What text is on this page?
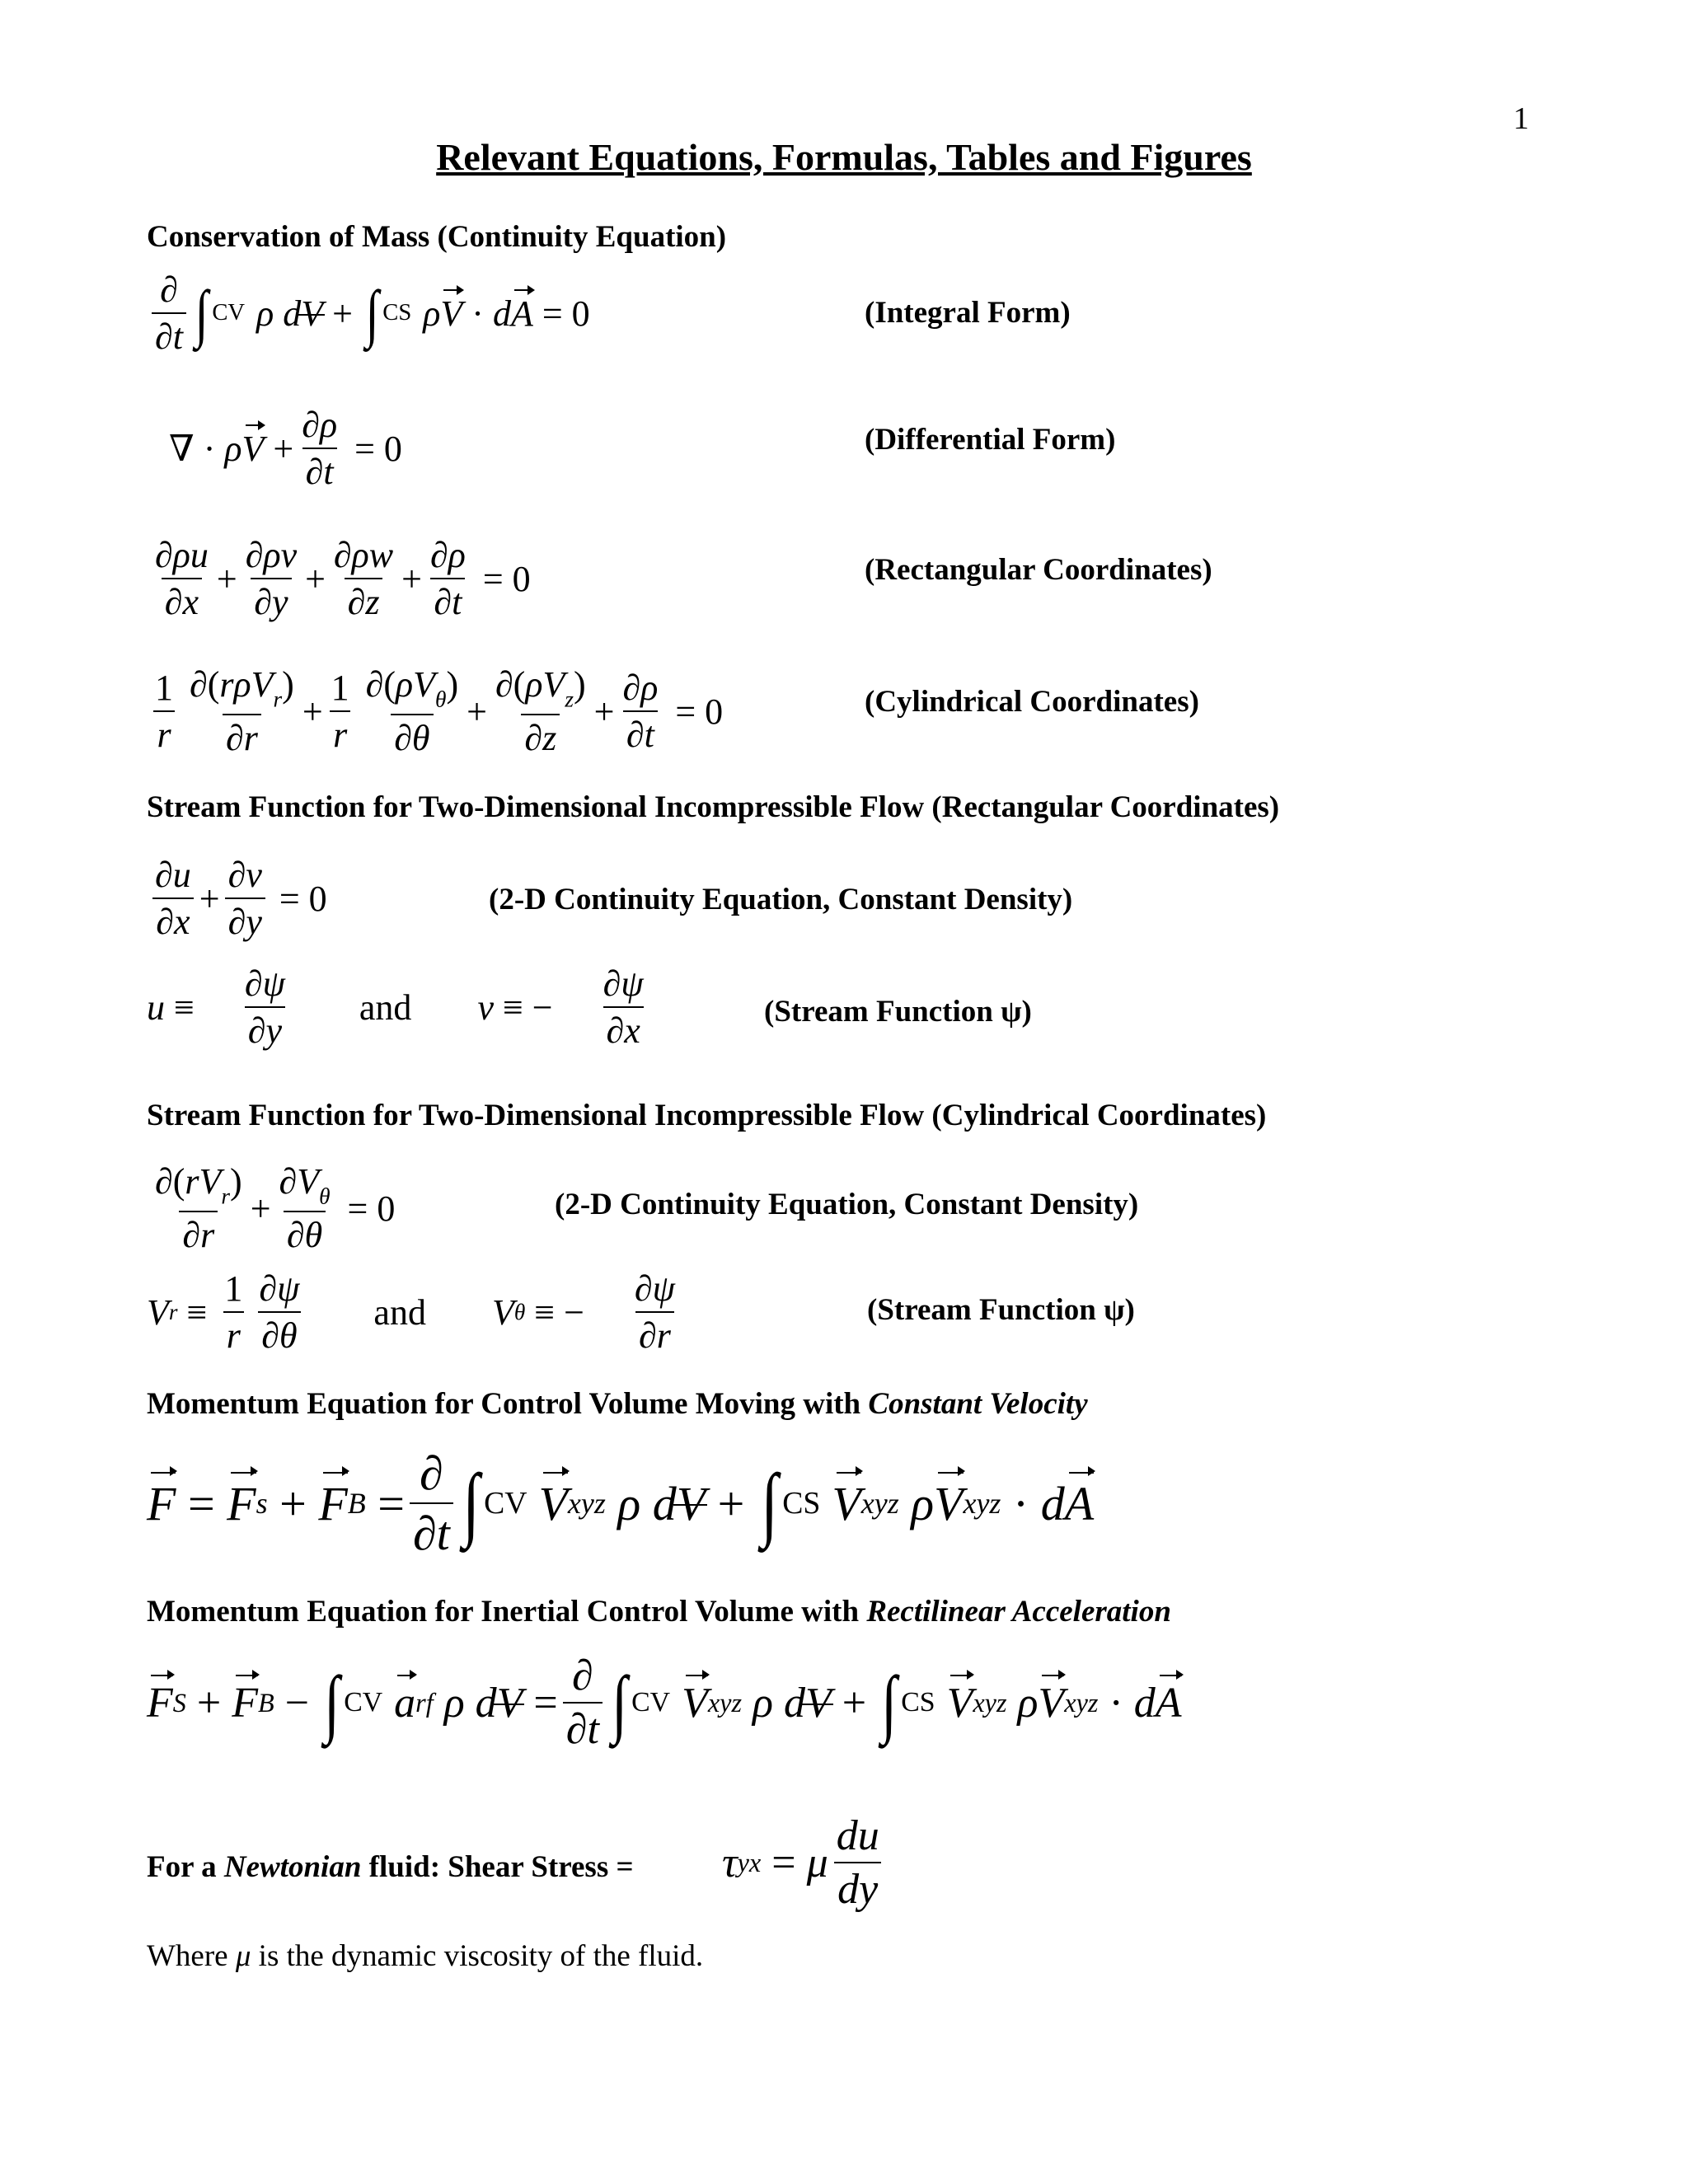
1
Relevant Equations, Formulas, Tables and Figures
Conservation of Mass (Continuity Equation)
$\frac{\partial}{\partial t}$ ∫ CV ρ
d V + ∫ CS ρ V · d A = 0	(Integral Form)
∇ · ρ $V + \frac{\partial\rho}{\partial t} = 0$	(Differential Form)
$\frac{\partial\rho u}{\partial x} + \frac{\partial\rho v}{\partial y} + \frac{\partial\rho w}{\partial z} + \frac{\partial\rho}{\partial t} = 0$	(Rectangular Coordinates)
$\frac{1}{r} \frac{\partial(r\rho V_r)}{\partial r} + \frac{1}{r} \frac{\partial(\rho V_\theta)}{\partial\theta} + \frac{\partial(\rho V_z)}{\partial z} + \frac{\partial\rho}{\partial t} = 0$	(Cylindrical Coordinates)
Stream Function for Two-Dimensional Incompressible Flow (Rectangular Coordinates)
$\frac{\partial u}{\partial x} + \frac{\partial v}{\partial y} = 0$	(2-D Continuity Equation, Constant Density)
$u \equiv \frac{\partial\psi}{\partial y}$ and v ≡ − $\frac{\partial\psi}{\partial x}$	(Stream Function ψ)
Stream Function for Two-Dimensional Incompressible Flow (Cylindrical Coordinates)
$\frac{\partial(rV_r)}{\partial r} + \frac{\partial V_\theta}{\partial\theta} = 0$	(2-D Continuity Equation, Constant Density)
V $r \equiv \frac{1}{r} \frac{\partial\psi}{\partial\theta}$ and V θ ≡ − $\frac{\partial\psi}{\partial r}$	(Stream Function ψ)
Momentum Equation for Control Volume Moving with Constant Velocity
F = F s + F $B = \frac{\partial}{\partial t}$ ∫ CV V xyz
ρ
d V + ∫ CS V xyz
ρ V xyz · d A
Momentum Equation for Inertial Control Volume with Rectilinear Acceleration
F S + F B − ∫ CV a rf
ρ
d $V = \frac{\partial}{\partial t}$ ∫ CV V xyz
ρ
d V + ∫ CS V xyz
ρ V xyz · d A
For a Newtonian fluid: Shear Stress = τ yx = μ $\frac{du}{dy}$
Where μ is the dynamic viscosity of the fluid.
